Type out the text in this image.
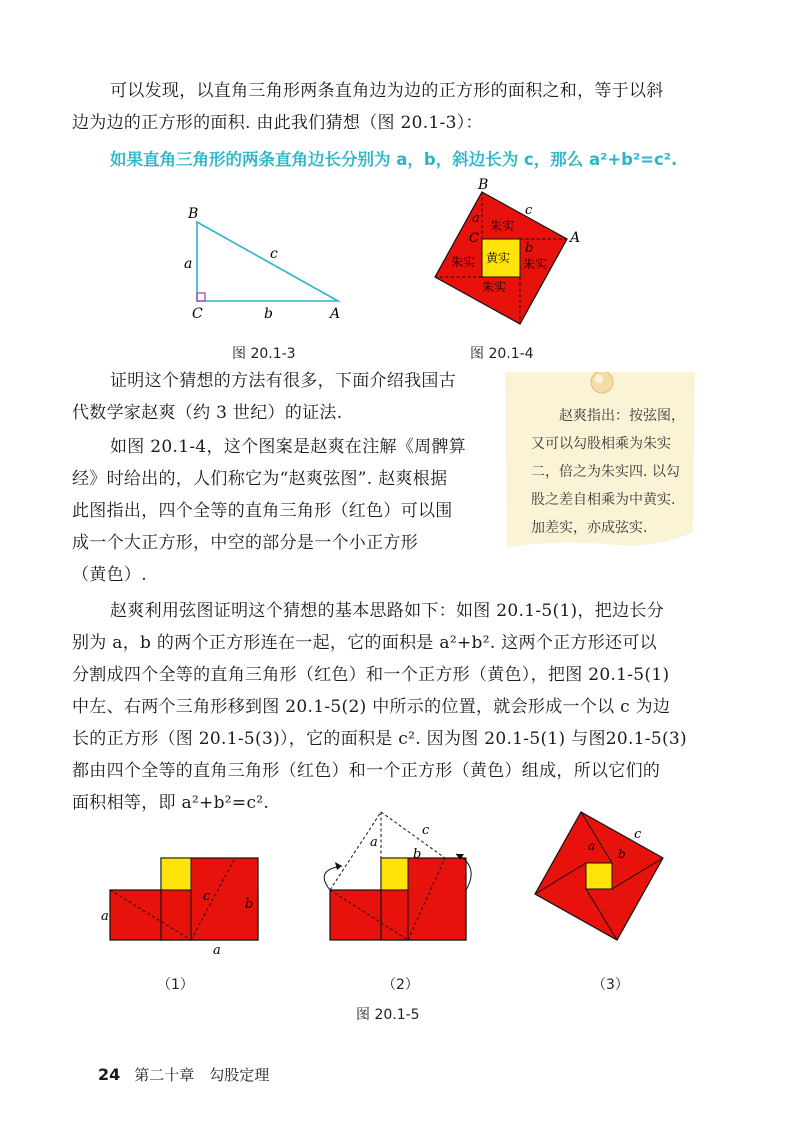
可以发现，以直角三角形两条直角边为边的正方形的面积之和，等于以斜
边为边的正方形的面积. 由此我们猜想（图 20.1-3）：
如果直角三角形的两条直角边长分别为 a，b，斜边长为 c，那么 a²+b²=c².
B
a
C	b
c
A
图 20.1-3
B
c
a
C	A
b
朱实
朱实
朱实
朱实
黄实
图 20.1-4
证明这个猜想的方法有很多，下面介绍我国古
代数学家赵爽（约 3 世纪）的证法.
如图 20.1-4，这个图案是赵爽在注解《周髀算
经》时给出的，人们称它为“赵爽弦图”. 赵爽根据
此图指出，四个全等的直角三角形（红色）可以围
成一个大正方形，中空的部分是一个小正方形
（黄色）.
赵爽指出：按弦图，
又可以勾股相乘为朱实
二，倍之为朱实四. 以勾
股之差自相乘为中黄实.
加差实，亦成弦实.
赵爽利用弦图证明这个猜想的基本思路如下：如图 20.1-5(1)，把边长分
别为 a，b 的两个正方形连在一起，它的面积是 a²+b². 这两个正方形还可以
分割成四个全等的直角三角形（红色）和一个正方形（黄色），把图 20.1-5(1)
中左、右两个三角形移到图 20.1-5(2) 中所示的位置，就会形成一个以 c 为边
长的正方形（图 20.1-5(3)），它的面积是 c². 因为图 20.1-5(1) 与图20.1-5(3)
都由四个全等的直角三角形（红色）和一个正方形（黄色）组成，所以它们的
面积相等，即 a²+b²=c².
a
b
c
a
（1）
a
c
b
（2）
a
c
b
（3）
图 20.1-5
24 第二十章　勾股定理
